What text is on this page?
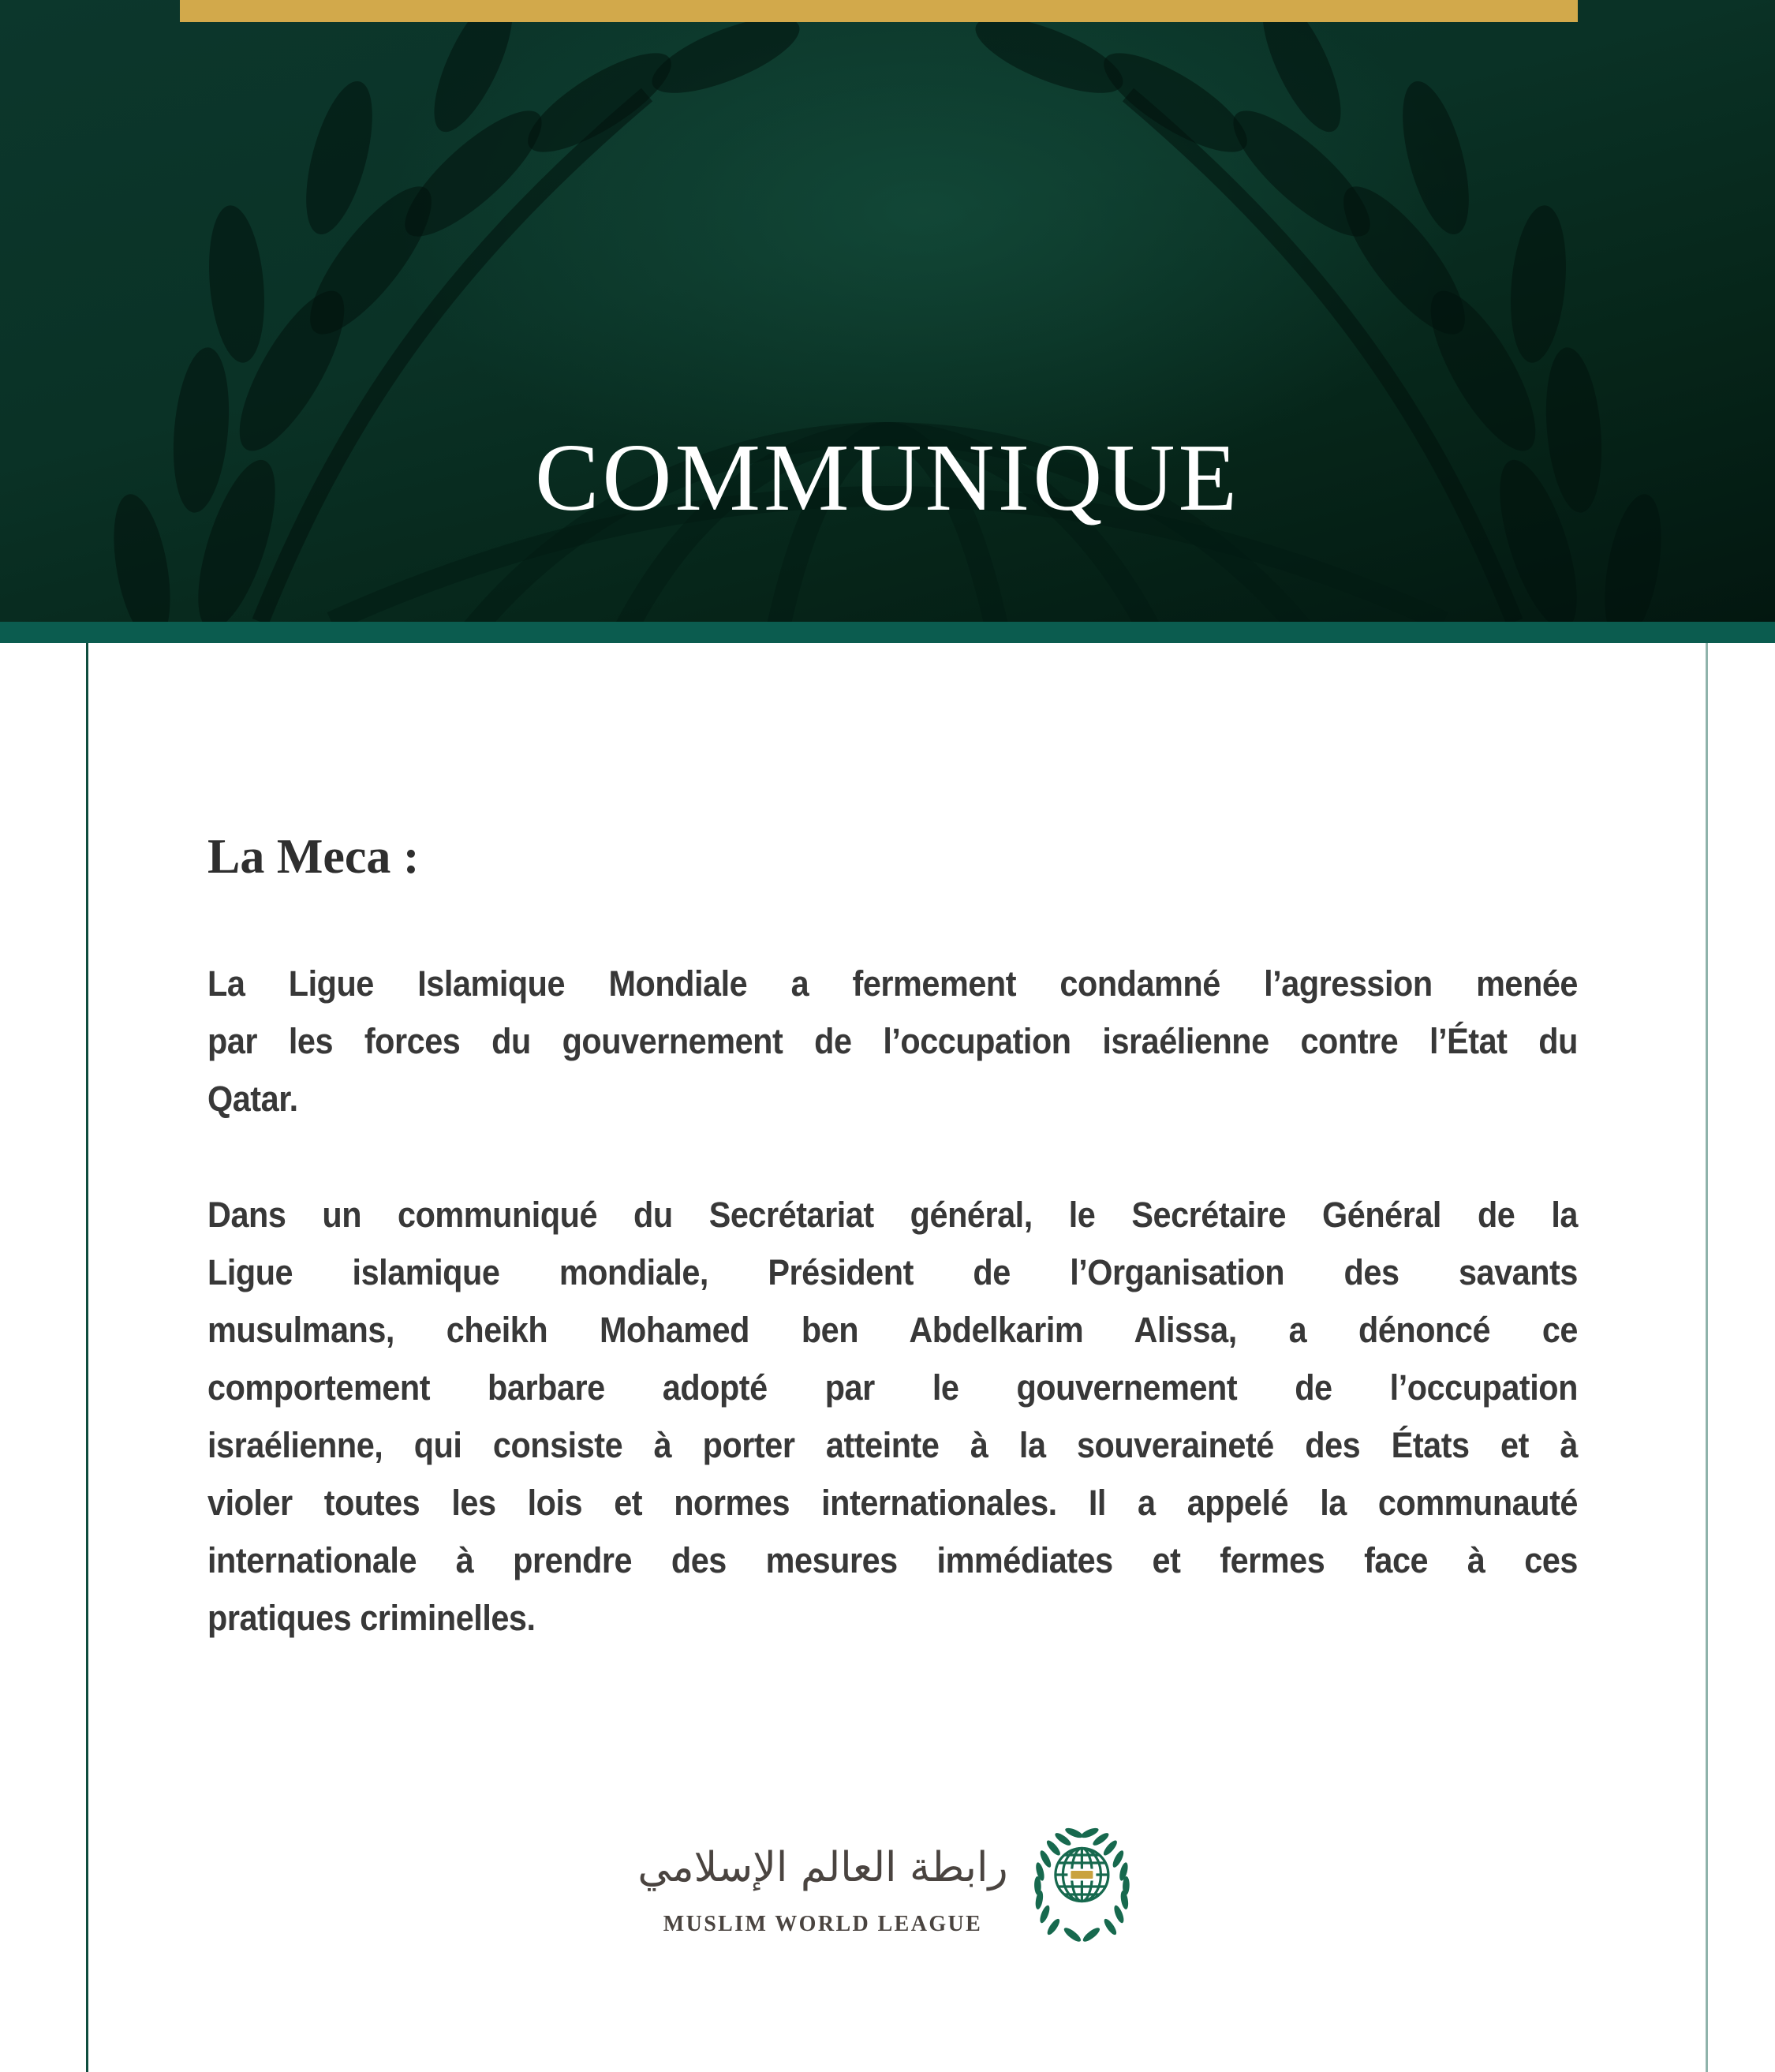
COMMUNIQUE
La Meca :
La Ligue Islamique Mondiale a fermement condamné l’agression menée
par les forces du gouvernement de l’occupation israélienne contre l’État du
Qatar.
Dans un communiqué du Secrétariat général, le Secrétaire Général de la
Ligue islamique mondiale, Président de l’Organisation des savants
musulmans, cheikh Mohamed ben Abdelkarim Alissa, a dénoncé ce
comportement barbare adopté par le gouvernement de l’occupation
israélienne, qui consiste à porter atteinte à la souveraineté des États et à
violer toutes les lois et normes internationales. Il a appelé la communauté
internationale à prendre des mesures immédiates et fermes face à ces
pratiques criminelles.
رابطة العالم الإسلامي
MUSLIM WORLD LEAGUE
